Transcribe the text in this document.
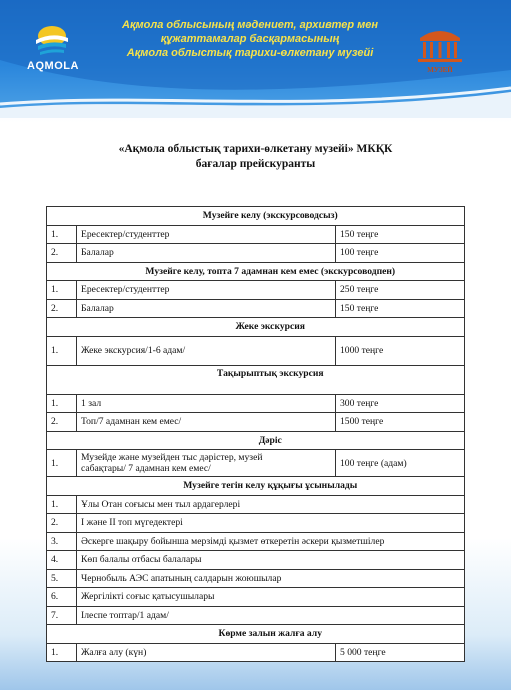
AQMOLA
Ақмола облысының мәдениет, архивтер мен
құжаттамалар басқармасының
Ақмола облыстық тарихи-өлкетану музейі
МУЗЕЙ
«Ақмола облыстық тарихи-өлкетану музейі» МКҚК
бағалар прейскуранты
	Музейге келу (экскурсоводсыз)	
1.	Ересектер/студенттер	150 теңге
2.	Балалар	100 теңге
	Музейге келу, топта 7 адамнан кем емес (экскурсоводпен)	
1.	Ересектер/студенттер	250 теңге
2.	Балалар	150 теңге
	Жеке экскурсия	
1.	Жеке экскурсия/1-6 адам/	1000 теңге
	Тақырыптық экскурсия	
1.	1 зал	300 теңге
2.	Топ/7 адамнан кем емес/	1500 теңге
	Дәріс	
1.	Музейде және музейден тыс дәрістер, музей
сабақтары/ 7 адамнан кем емес/	100 теңге (адам)
	Музейге тегін келу құқығы ұсынылады	
1.	Ұлы Отан соғысы мен тыл ардагерлері	
2.	I және II топ мүгедектері	
3.	Әскерге шақыру бойынша мерзімді қызмет өткеретін әскери қызметшілер	
4.	Көп балалы отбасы балалары	
5.	Чернобыль АЭС апатының салдарын жоюшылар	
6.	Жергілікті соғыс қатысушылары	
7.	Ілеспе топтар/1 адам/	
	Көрме залын жалға алу	
1.	Жалға алу (күн)	5 000 теңге
